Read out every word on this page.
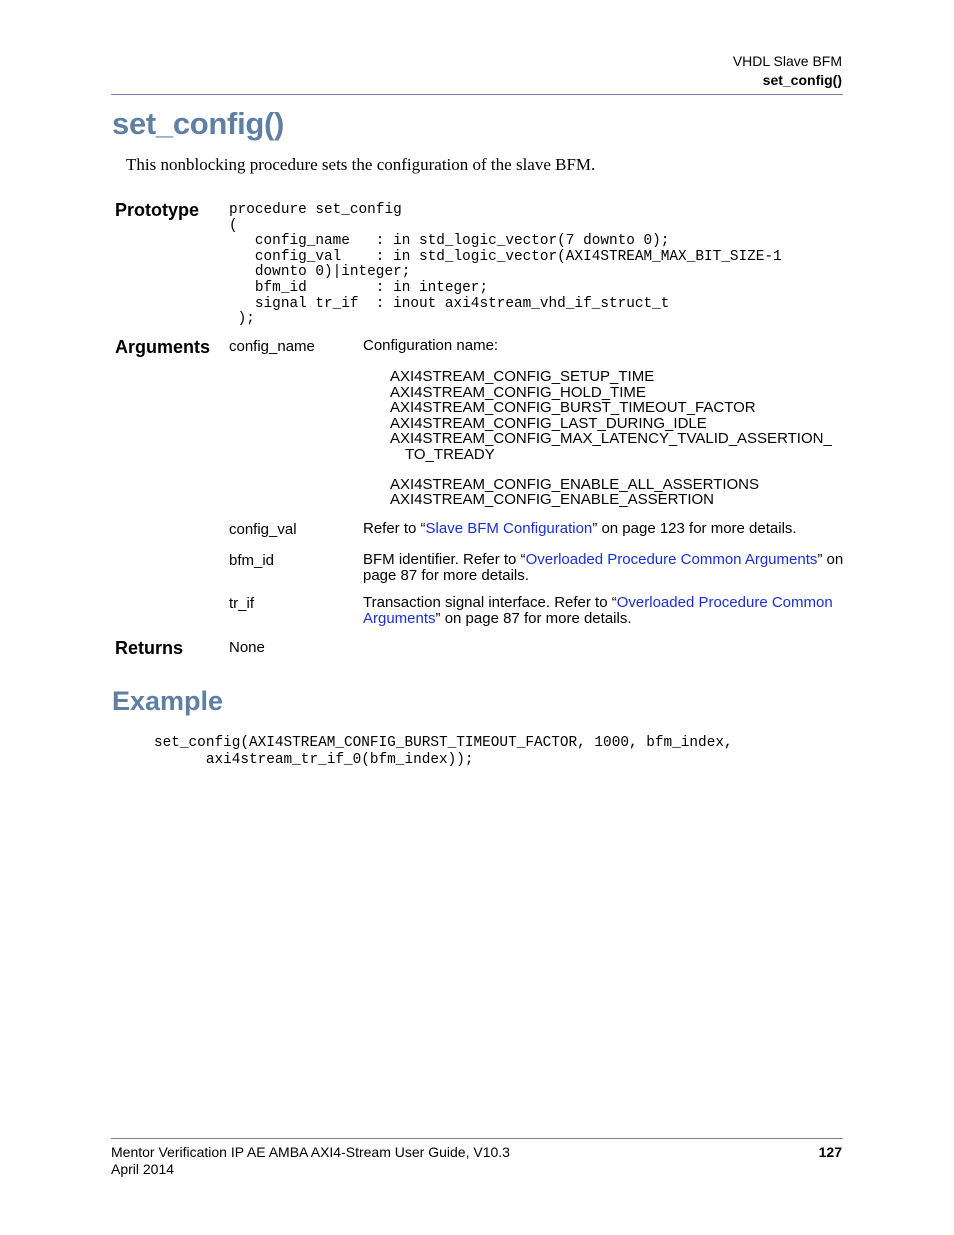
VHDL Slave BFM
set_config()
set_config()
This nonblocking procedure sets the configuration of the slave BFM.
Prototype procedure set_config
(
config_name   : in std_logic_vector(7 downto 0);
config_val    : in std_logic_vector(AXI4STREAM_MAX_BIT_SIZE-1
downto 0)|integer;
bfm_id        : in integer;
signal tr_if  : inout axi4stream_vhd_if_struct_t
);
Arguments config_name	Configuration name:
AXI4STREAM_CONFIG_SETUP_TIME
AXI4STREAM_CONFIG_HOLD_TIME
AXI4STREAM_CONFIG_BURST_TIMEOUT_FACTOR
AXI4STREAM_CONFIG_LAST_DURING_IDLE
AXI4STREAM_CONFIG_MAX_LATENCY_TVALID_ASSERTION_
TO_TREADY
AXI4STREAM_CONFIG_ENABLE_ALL_ASSERTIONS
AXI4STREAM_CONFIG_ENABLE_ASSERTION
config_val	Refer to “Slave BFM Configuration” on page 123 for more details.
bfm_id	BFM identifier. Refer to “Overloaded Procedure Common Arguments” on page 87 for more details.
tr_if	Transaction signal interface. Refer to “Overloaded Procedure Common Arguments” on page 87 for more details.
Returns	None
Example
set_config(AXI4STREAM_CONFIG_BURST_TIMEOUT_FACTOR, 1000, bfm_index,
axi4stream_tr_if_0(bfm_index));
Mentor Verification IP AE AMBA AXI4-Stream User Guide, V10.3
April 2014
127
